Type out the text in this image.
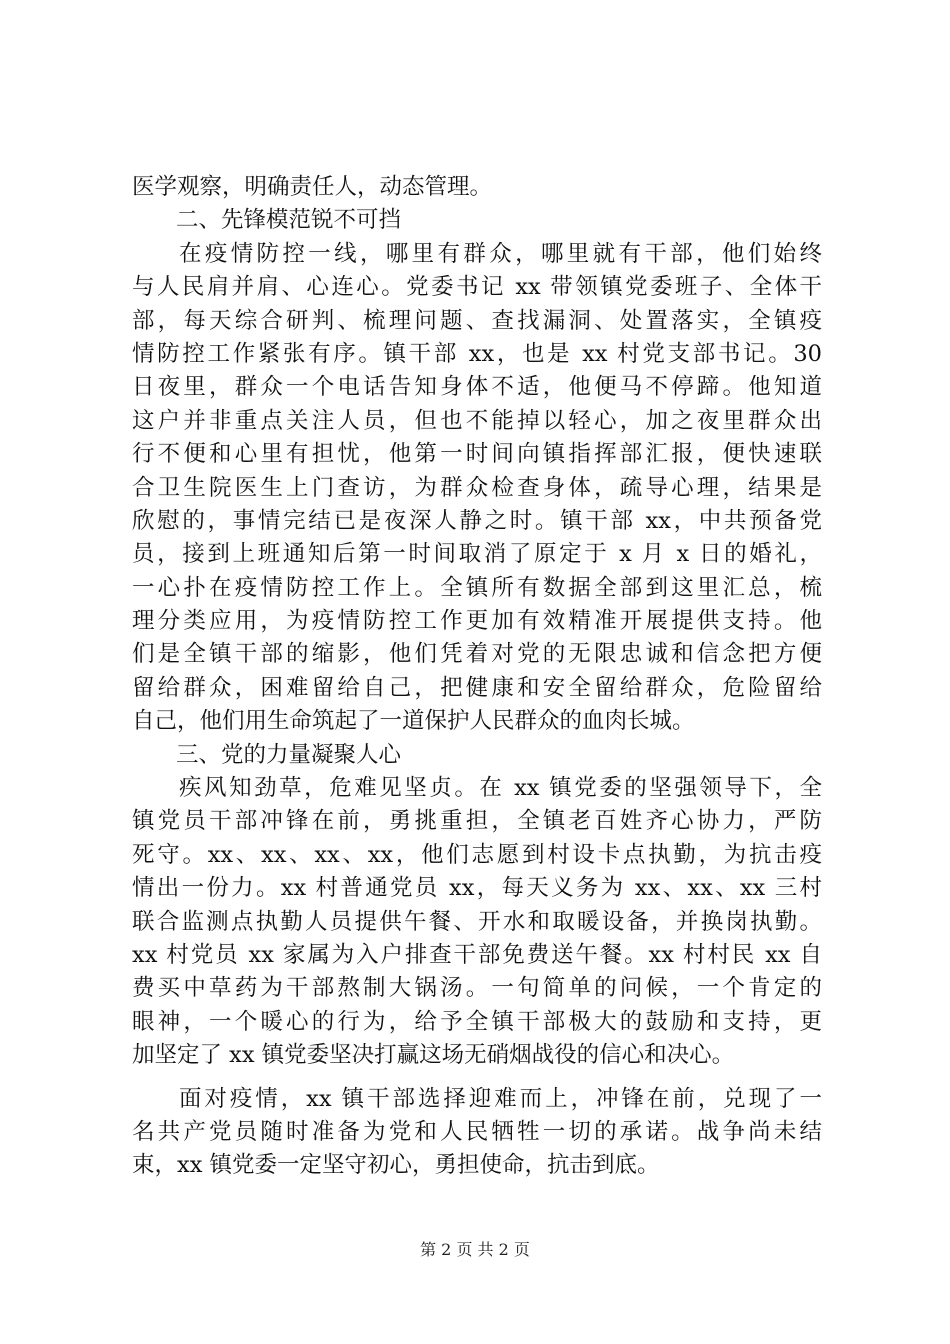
医学观察，明确责任人，动态管理。
二、先锋模范锐不可挡
在疫情防控一线，哪里有群众，哪里就有干部，他们始终
与人民肩并肩、心连心。党委书记 xx 带领镇党委班子、全体干
部，每天综合研判、梳理问题、查找漏洞、处置落实，全镇疫
情防控工作紧张有序。镇干部 xx，也是 xx 村党支部书记。30
日夜里，群众一个电话告知身体不适，他便马不停蹄。他知道
这户并非重点关注人员，但也不能掉以轻心，加之夜里群众出
行不便和心里有担忧，他第一时间向镇指挥部汇报，便快速联
合卫生院医生上门查访，为群众检查身体，疏导心理，结果是
欣慰的，事情完结已是夜深人静之时。镇干部 xx，中共预备党
员，接到上班通知后第一时间取消了原定于 x 月 x 日的婚礼，
一心扑在疫情防控工作上。全镇所有数据全部到这里汇总，梳
理分类应用，为疫情防控工作更加有效精准开展提供支持。他
们是全镇干部的缩影，他们凭着对党的无限忠诚和信念把方便
留给群众，困难留给自己，把健康和安全留给群众，危险留给
自己，他们用生命筑起了一道保护人民群众的血肉长城。
三、党的力量凝聚人心
疾风知劲草，危难见坚贞。在 xx 镇党委的坚强领导下，全
镇党员干部冲锋在前，勇挑重担，全镇老百姓齐心协力，严防
死守。xx、xx、xx、xx，他们志愿到村设卡点执勤，为抗击疫
情出一份力。xx 村普通党员 xx，每天义务为 xx、xx、xx 三村
联合监测点执勤人员提供午餐、开水和取暖设备，并换岗执勤。
xx 村党员 xx 家属为入户排查干部免费送午餐。xx 村村民 xx 自
费买中草药为干部熬制大锅汤。一句简单的问候，一个肯定的
眼神，一个暖心的行为，给予全镇干部极大的鼓励和支持，更
加坚定了 xx 镇党委坚决打赢这场无硝烟战役的信心和决心。
面对疫情，xx 镇干部选择迎难而上，冲锋在前，兑现了一
名共产党员随时准备为党和人民牺牲一切的承诺。战争尚未结
束，xx 镇党委一定坚守初心，勇担使命，抗击到底。
第 2 页 共 2 页
